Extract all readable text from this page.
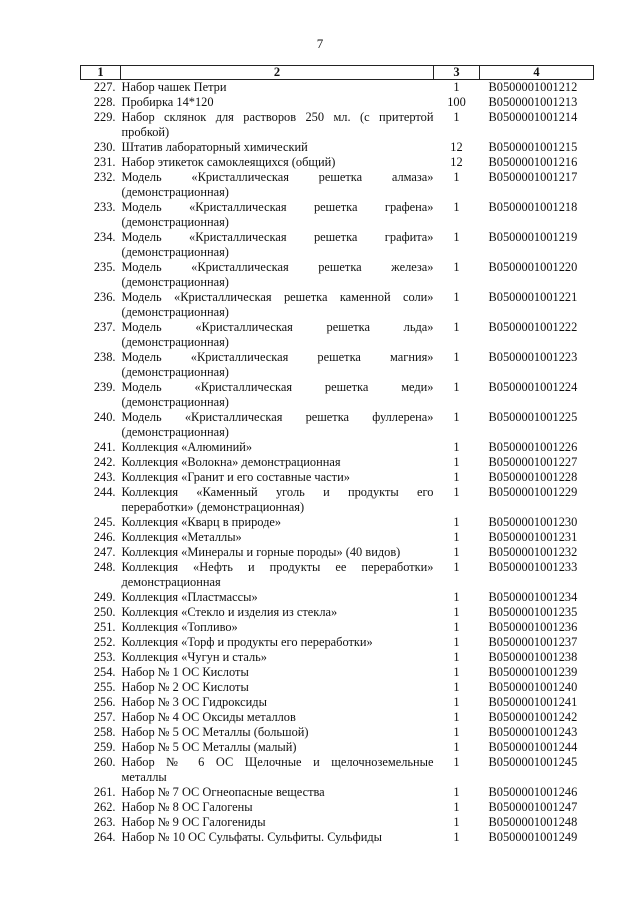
7
1	2	3	4
227.	Набор чашек Петри	1	B0500001001212
228.	Пробирка 14*120	100	B0500001001213
229.	Набор склянок для растворов 250 мл. (с притертой
пробкой)	1	B0500001001214
230.	Штатив лабораторный химический	12	B0500001001215
231.	Набор этикеток самоклеящихся (общий)	12	B0500001001216
232.	Модель «Кристаллическая решетка алмаза»
(демонстрационная)	1	B0500001001217
233.	Модель «Кристаллическая решетка графена»
(демонстрационная)	1	B0500001001218
234.	Модель «Кристаллическая решетка графита»
(демонстрационная)	1	B0500001001219
235.	Модель «Кристаллическая решетка железа»
(демонстрационная)	1	B0500001001220
236.	Модель «Кристаллическая решетка каменной соли»
(демонстрационная)	1	B0500001001221
237.	Модель «Кристаллическая решетка льда»
(демонстрационная)	1	B0500001001222
238.	Модель «Кристаллическая решетка магния»
(демонстрационная)	1	B0500001001223
239.	Модель «Кристаллическая решетка меди»
(демонстрационная)	1	B0500001001224
240.	Модель «Кристаллическая решетка фуллерена»
(демонстрационная)	1	B0500001001225
241.	Коллекция «Алюминий»	1	B0500001001226
242.	Коллекция «Волокна» демонстрационная	1	B0500001001227
243.	Коллекция «Гранит и его составные части»	1	B0500001001228
244.	Коллекция «Каменный уголь и продукты его
переработки» (демонстрационная)	1	B0500001001229
245.	Коллекция «Кварц в природе»	1	B0500001001230
246.	Коллекция «Металлы»	1	B0500001001231
247.	Коллекция «Минералы и горные породы» (40 видов)	1	B0500001001232
248.	Коллекция «Нефть и продукты ее переработки»
демонстрационная	1	B0500001001233
249.	Коллекция «Пластмассы»	1	B0500001001234
250.	Коллекция «Стекло и изделия из стекла»	1	B0500001001235
251.	Коллекция «Топливо»	1	B0500001001236
252.	Коллекция «Торф и продукты его переработки»	1	B0500001001237
253.	Коллекция «Чугун и сталь»	1	B0500001001238
254.	Набор № 1 ОС Кислоты	1	B0500001001239
255.	Набор № 2 ОС Кислоты	1	B0500001001240
256.	Набор № 3 ОС Гидроксиды	1	B0500001001241
257.	Набор № 4 ОС Оксиды металлов	1	B0500001001242
258.	Набор № 5 ОС Металлы (большой)	1	B0500001001243
259.	Набор № 5 ОС Металлы (малый)	1	B0500001001244
260.	Набор № 6 ОС Щелочные и щелочноземельные
металлы	1	B0500001001245
261.	Набор № 7 ОС Огнеопасные вещества	1	B0500001001246
262.	Набор № 8 ОС Галогены	1	B0500001001247
263.	Набор № 9 ОС Галогениды	1	B0500001001248
264.	Набор № 10 ОС Сульфаты. Сульфиты. Сульфиды	1	B0500001001249
